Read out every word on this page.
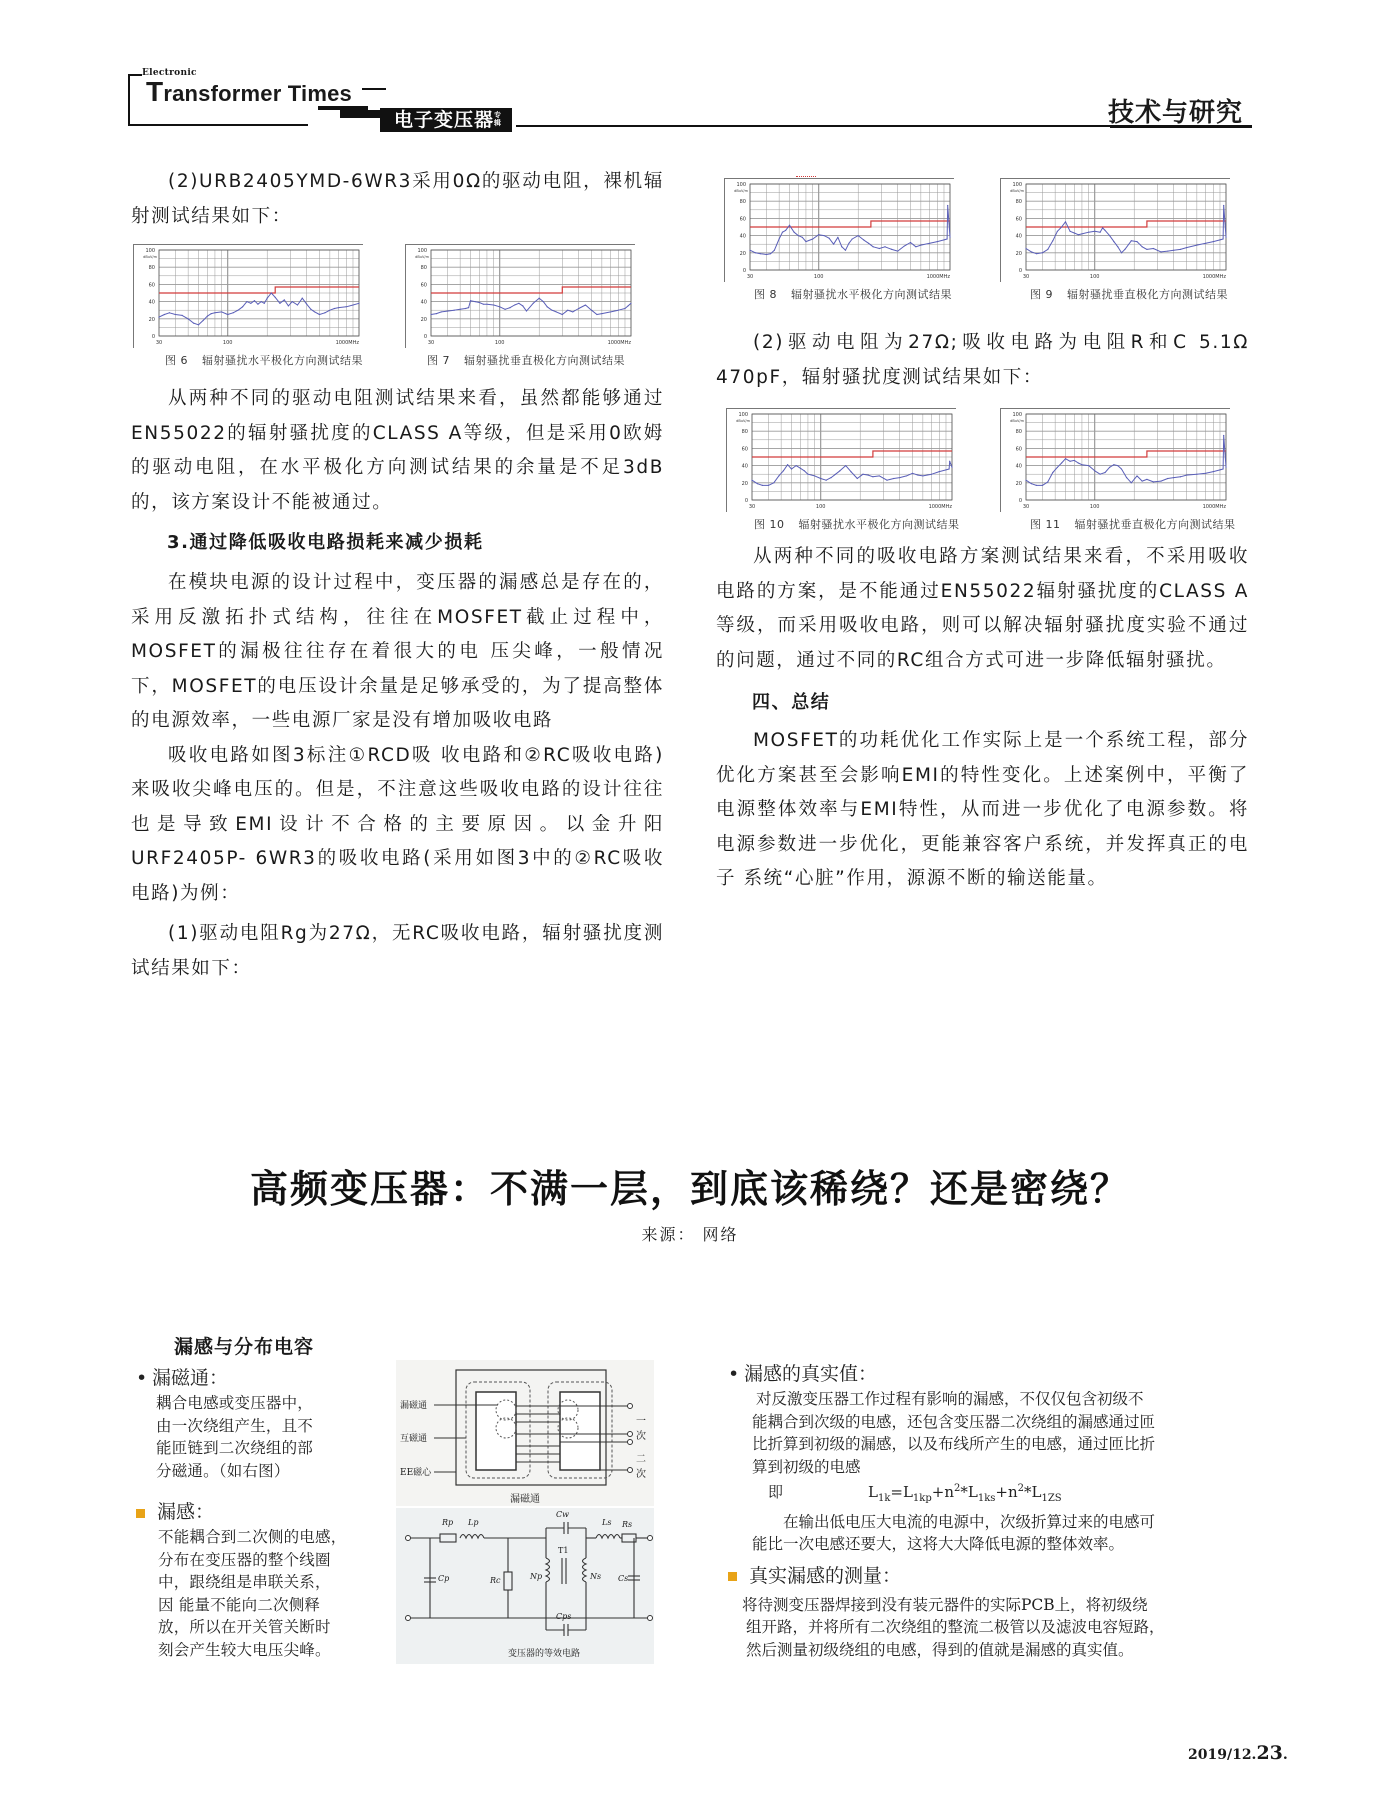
Electronic
Transformer Times
电子变压器专辑	技术与研究

(2)URB2405YMD-6WR3采用0Ω的驱动电阻，裸机辐射测试结果如下：

0
20
40
60
80
100
dBuV/m
30	100	1000MHz
图 6 辐射骚扰水平极化方向测试结果
0
20
40
60
80
100
dBuV/m
30	100	1000MHz
图 7 辐射骚扰垂直极化方向测试结果

从两种不同的驱动电阻测试结果来看，虽然都能够通过EN55022的辐射骚扰度的CLASS A等级，但是采用0欧姆的驱动电阻，在水平极化方向测试结果的余量是不足3dB的，该方案设计不能被通过。

3.通过降低吸收电路损耗来减少损耗

在模块电源的设计过程中，变压器的漏感总是存在的，采用反激拓扑式结构，往往在MOSFET截止过程中，MOSFET的漏极往往存在着很大的电 压尖峰，一般情况下，MOSFET的电压设计余量是足够承受的，为了提高整体的电源效率，一些电源厂家是没有增加吸收电路

吸收电路如图3标注①RCD吸 收电路和②RC吸收电路)来吸收尖峰电压的。但是，不注意这些吸收电路的设计往往也是导致EMI设计不合格的主要原因。以金升阳URF2405P- 6WR3的吸收电路(采用如图3中的②RC吸收电路)为例：

(1)驱动电阻Rg为27Ω，无RC吸收电路，辐射骚扰度测试结果如下：

0
20
40
60
80
100
dBuV/m
30	100	1000MHz
图 8 辐射骚扰水平极化方向测试结果
0
20
40
60
80
100
dBuV/m
30	100	1000MHz
图 9 辐射骚扰垂直极化方向测试结果

(2)驱动电阻为27Ω;吸收电路为电阻R和C 5.1Ω 470pF，辐射骚扰度测试结果如下：

0
20
40
60
80
100
dBuV/m
30	100	1000MHz
图 10 辐射骚扰水平极化方向测试结果
0
20
40
60
80
100
dBuV/m
30	100	1000MHz
图 11 辐射骚扰垂直极化方向测试结果

从两种不同的吸收电路方案测试结果来看，不采用吸收电路的方案，是不能通过EN55022辐射骚扰度的CLASS A等级，而采用吸收电路，则可以解决辐射骚扰度实验不通过的问题，通过不同的RC组合方式可进一步降低辐射骚扰。

四、总结

MOSFET的功耗优化工作实际上是一个系统工程，部分优化方案甚至会影响EMI的特性变化。上述案例中，平衡了电源整体效率与EMI特性，从而进一步优化了电源参数。将电源参数进一步优化，更能兼容客户系统，并发挥真正的电子 系统“心脏”作用，源源不断的输送能量。

高频变压器：不满一层，到底该稀绕？还是密绕？
来源： 网络
漏感与分布电容
• 漏磁通：
耦合电感或变压器中，
由一次绕组产生，且不
能匝链到二次绕组的部
分磁通。（如右图）
漏感：
不能耦合到二次侧的电感，
分布在变压器的整个线圈
中，跟绕组是串联关系，
因 能量不能向二次侧释
放，所以在开关管关断时
刻会产生较大电压尖峰。
漏磁通
互磁通
EE磁心
一次
二次
漏磁通
Rp Lp
Cw
Ls Rs
Cp	Rc
T1
Np	Ns Cs
Cps
变压器的等效电路
• 漏感的真实值：
对反激变压器工作过程有影响的漏感，不仅仅包含初级不
能耦合到次级的电感，还包含变压器二次绕组的漏感通过匝
比折算到初级的漏感，以及布线所产生的电感，通过匝比折
算到初级的电感
即	$L_{1k}=L_{1kp}+n^2*L_{1ks}+n^2*L_{1ZS}$
在输出低电压大电流的电源中，次级折算过来的电感可
能比一次电感还要大，这将大大降低电源的整体效率。
真实漏感的测量：
将待测变压器焊接到没有装元器件的实际PCB上，将初级绕
组开路，并将所有二次绕组的整流二极管以及滤波电容短路，
然后测量初级绕组的电感，得到的值就是漏感的真实值。
2019/12.23.
